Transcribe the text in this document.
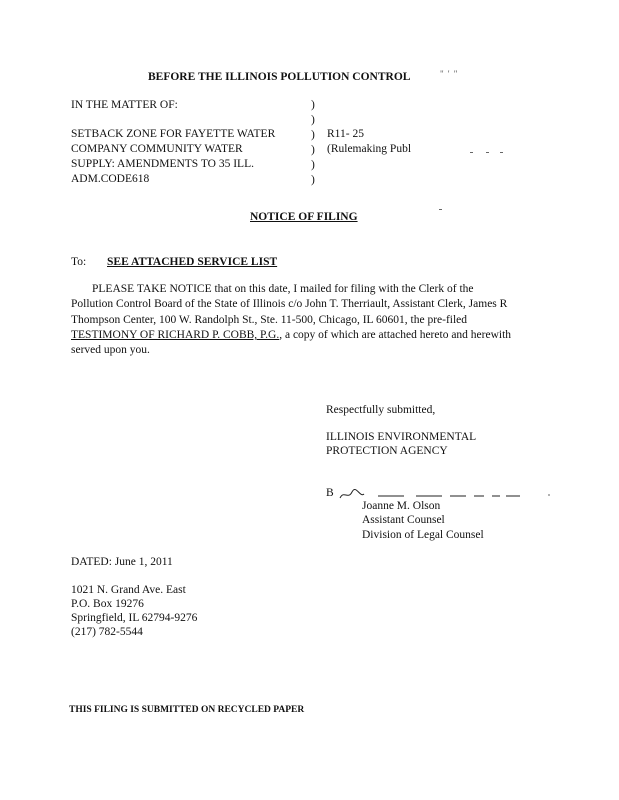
BEFORE THE ILLINOIS POLLUTION CONTROL	" ' "
IN THE MATTER OF:
SETBACK ZONE FOR FAYETTE WATER
COMPANY COMMUNITY WATER
SUPPLY: AMENDMENTS TO 35 ILL.
ADM.CODE618
)
)
)
)
)
)
R11- 25
(Rulemaking Publ
NOTICE OF FILING
To: SEE ATTACHED SERVICE LIST

PLEASE TAKE NOTICE that on this date, I mailed for filing with the Clerk of the

Pollution Control Board of the State of Illinois c/o John T. Therriault, Assistant Clerk, James R

Thompson Center, 100 W. Randolph St., Ste. 11-500, Chicago, IL 60601, the pre-filed

TESTIMONY OF RICHARD P. COBB, P.G., a copy of which are attached hereto and herewith

served upon you.

Respectfully submitted,
ILLINOIS ENVIRONMENTAL
PROTECTION AGENCY
B
Joanne M. Olson
Assistant Counsel
Division of Legal Counsel
DATED: June 1, 2011
1021 N. Grand Ave. East
P.O. Box 19276
Springfield, IL 62794-9276
(217) 782-5544
THIS FILING IS SUBMITTED ON RECYCLED PAPER
